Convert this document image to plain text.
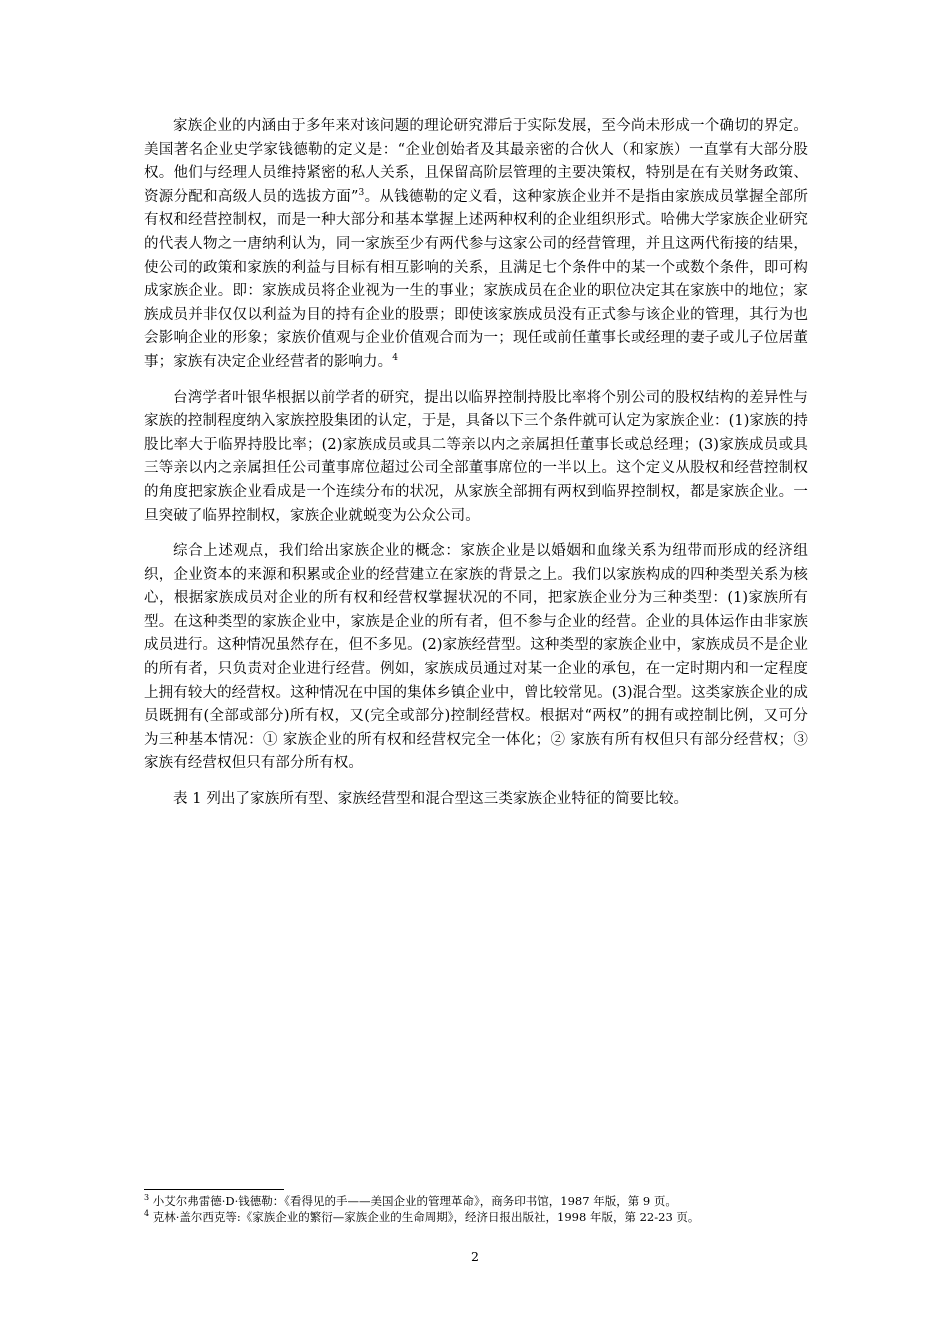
家族企业的内涵由于多年来对该问题的理论研究滞后于实际发展，至今尚未形成一个确切的界定。美国著名企业史学家钱德勒的定义是：“企业创始者及其最亲密的合伙人（和家族）一直掌有大部分股权。他们与经理人员维持紧密的私人关系，且保留高阶层管理的主要决策权，特别是在有关财务政策、资源分配和高级人员的选拔方面”$^3$。从钱德勒的定义看，这种家族企业并不是指由家族成员掌握全部所有权和经营控制权，而是一种大部分和基本掌握上述两种权利的企业组织形式。哈佛大学家族企业研究的代表人物之一唐纳利认为，同一家族至少有两代参与这家公司的经营管理，并且这两代衔接的结果，使公司的政策和家族的利益与目标有相互影响的关系，且满足七个条件中的某一个或数个条件，即可构成家族企业。即：家族成员将企业视为一生的事业；家族成员在企业的职位决定其在家族中的地位；家族成员并非仅仅以利益为目的持有企业的股票；即使该家族成员没有正式参与该企业的管理，其行为也会影响企业的形象；家族价值观与企业价值观合而为一；现任或前任董事长或经理的妻子或儿子位居董事；家族有决定企业经营者的影响力。$^4$

台湾学者叶银华根据以前学者的研究，提出以临界控制持股比率将个别公司的股权结构的差异性与家族的控制程度纳入家族控股集团的认定，于是，具备以下三个条件就可认定为家族企业：(1)家族的持股比率大于临界持股比率；(2)家族成员或具二等亲以内之亲属担任董事长或总经理；(3)家族成员或具三等亲以内之亲属担任公司董事席位超过公司全部董事席位的一半以上。这个定义从股权和经营控制权的角度把家族企业看成是一个连续分布的状况，从家族全部拥有两权到临界控制权，都是家族企业。一旦突破了临界控制权，家族企业就蜕变为公众公司。

综合上述观点，我们给出家族企业的概念：家族企业是以婚姻和血缘关系为纽带而形成的经济组织，企业资本的来源和积累或企业的经营建立在家族的背景之上。我们以家族构成的四种类型关系为核心，根据家族成员对企业的所有权和经营权掌握状况的不同，把家族企业分为三种类型：(1)家族所有型。在这种类型的家族企业中，家族是企业的所有者，但不参与企业的经营。企业的具体运作由非家族成员进行。这种情况虽然存在，但不多见。(2)家族经营型。这种类型的家族企业中，家族成员不是企业的所有者，只负责对企业进行经营。例如，家族成员通过对某一企业的承包，在一定时期内和一定程度上拥有较大的经营权。这种情况在中国的集体乡镇企业中，曾比较常见。(3)混合型。这类家族企业的成员既拥有(全部或部分)所有权，又(完全或部分)控制经营权。根据对“两权”的拥有或控制比例，又可分为三种基本情况：① 家族企业的所有权和经营权完全一体化；② 家族有所有权但只有部分经营权；③ 家族有经营权但只有部分所有权。

表 1 列出了家族所有型、家族经营型和混合型这三类家族企业特征的简要比较。

$^3$ 小艾尔弗雷德·D·钱德勒：《看得见的手——美国企业的管理革命》，商务印书馆，1987 年版，第 9 页。
$^4$ 克林·盖尔西克等:《家族企业的繁衍—家族企业的生命周期》，经济日报出版社，1998 年版，第 22-23 页。
2
